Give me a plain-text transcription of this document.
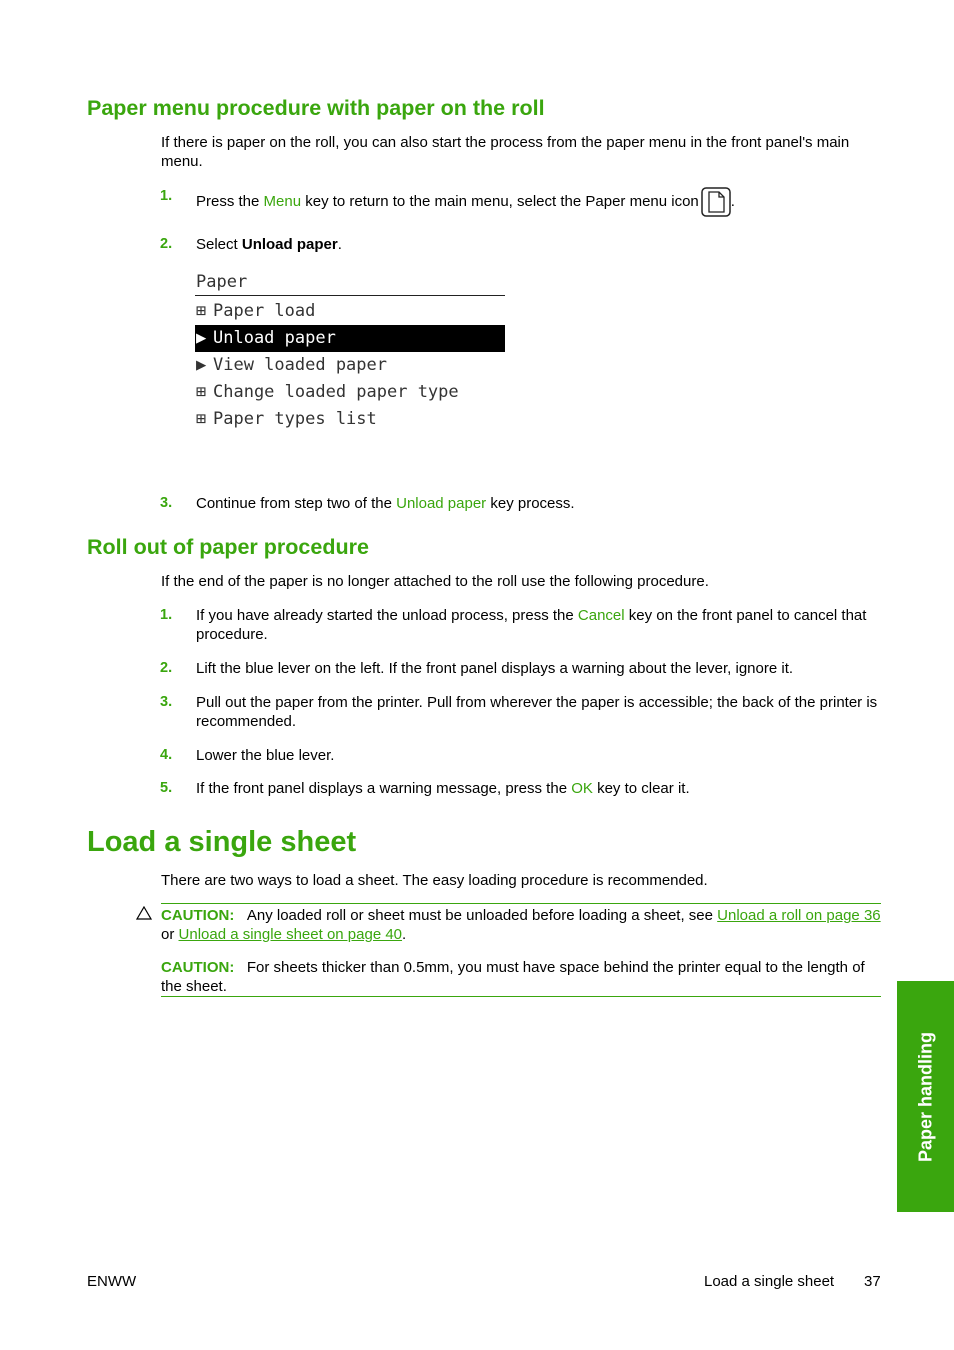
Paper menu procedure with paper on the roll
If there is paper on the roll, you can also start the process from the paper menu in the front panel's main menu.
1. Press the Menu key to return to the main menu, select the Paper menu icon .
2. Select Unload paper.
Paper
⊞ Paper load
▶ Unload paper
▶ View loaded paper
⊞ Change loaded paper type
⊞ Paper types list
3. Continue from step two of the Unload paper key process.
Roll out of paper procedure
If the end of the paper is no longer attached to the roll use the following procedure.
1. If you have already started the unload process, press the Cancel key on the front panel to cancel that procedure.
2. Lift the blue lever on the left. If the front panel displays a warning about the lever, ignore it.
3. Pull out the paper from the printer. Pull from wherever the paper is accessible; the back of the printer is recommended.
4. Lower the blue lever.
5. If the front panel displays a warning message, press the OK key to clear it.
Load a single sheet
There are two ways to load a sheet. The easy loading procedure is recommended.
CAUTION: Any loaded roll or sheet must be unloaded before loading a sheet, see Unload a roll on page 36 or Unload a single sheet on page 40.
CAUTION: For sheets thicker than 0.5mm, you must have space behind the printer equal to the length of the sheet.
Paper handling
ENWW	Load a single sheet 37
